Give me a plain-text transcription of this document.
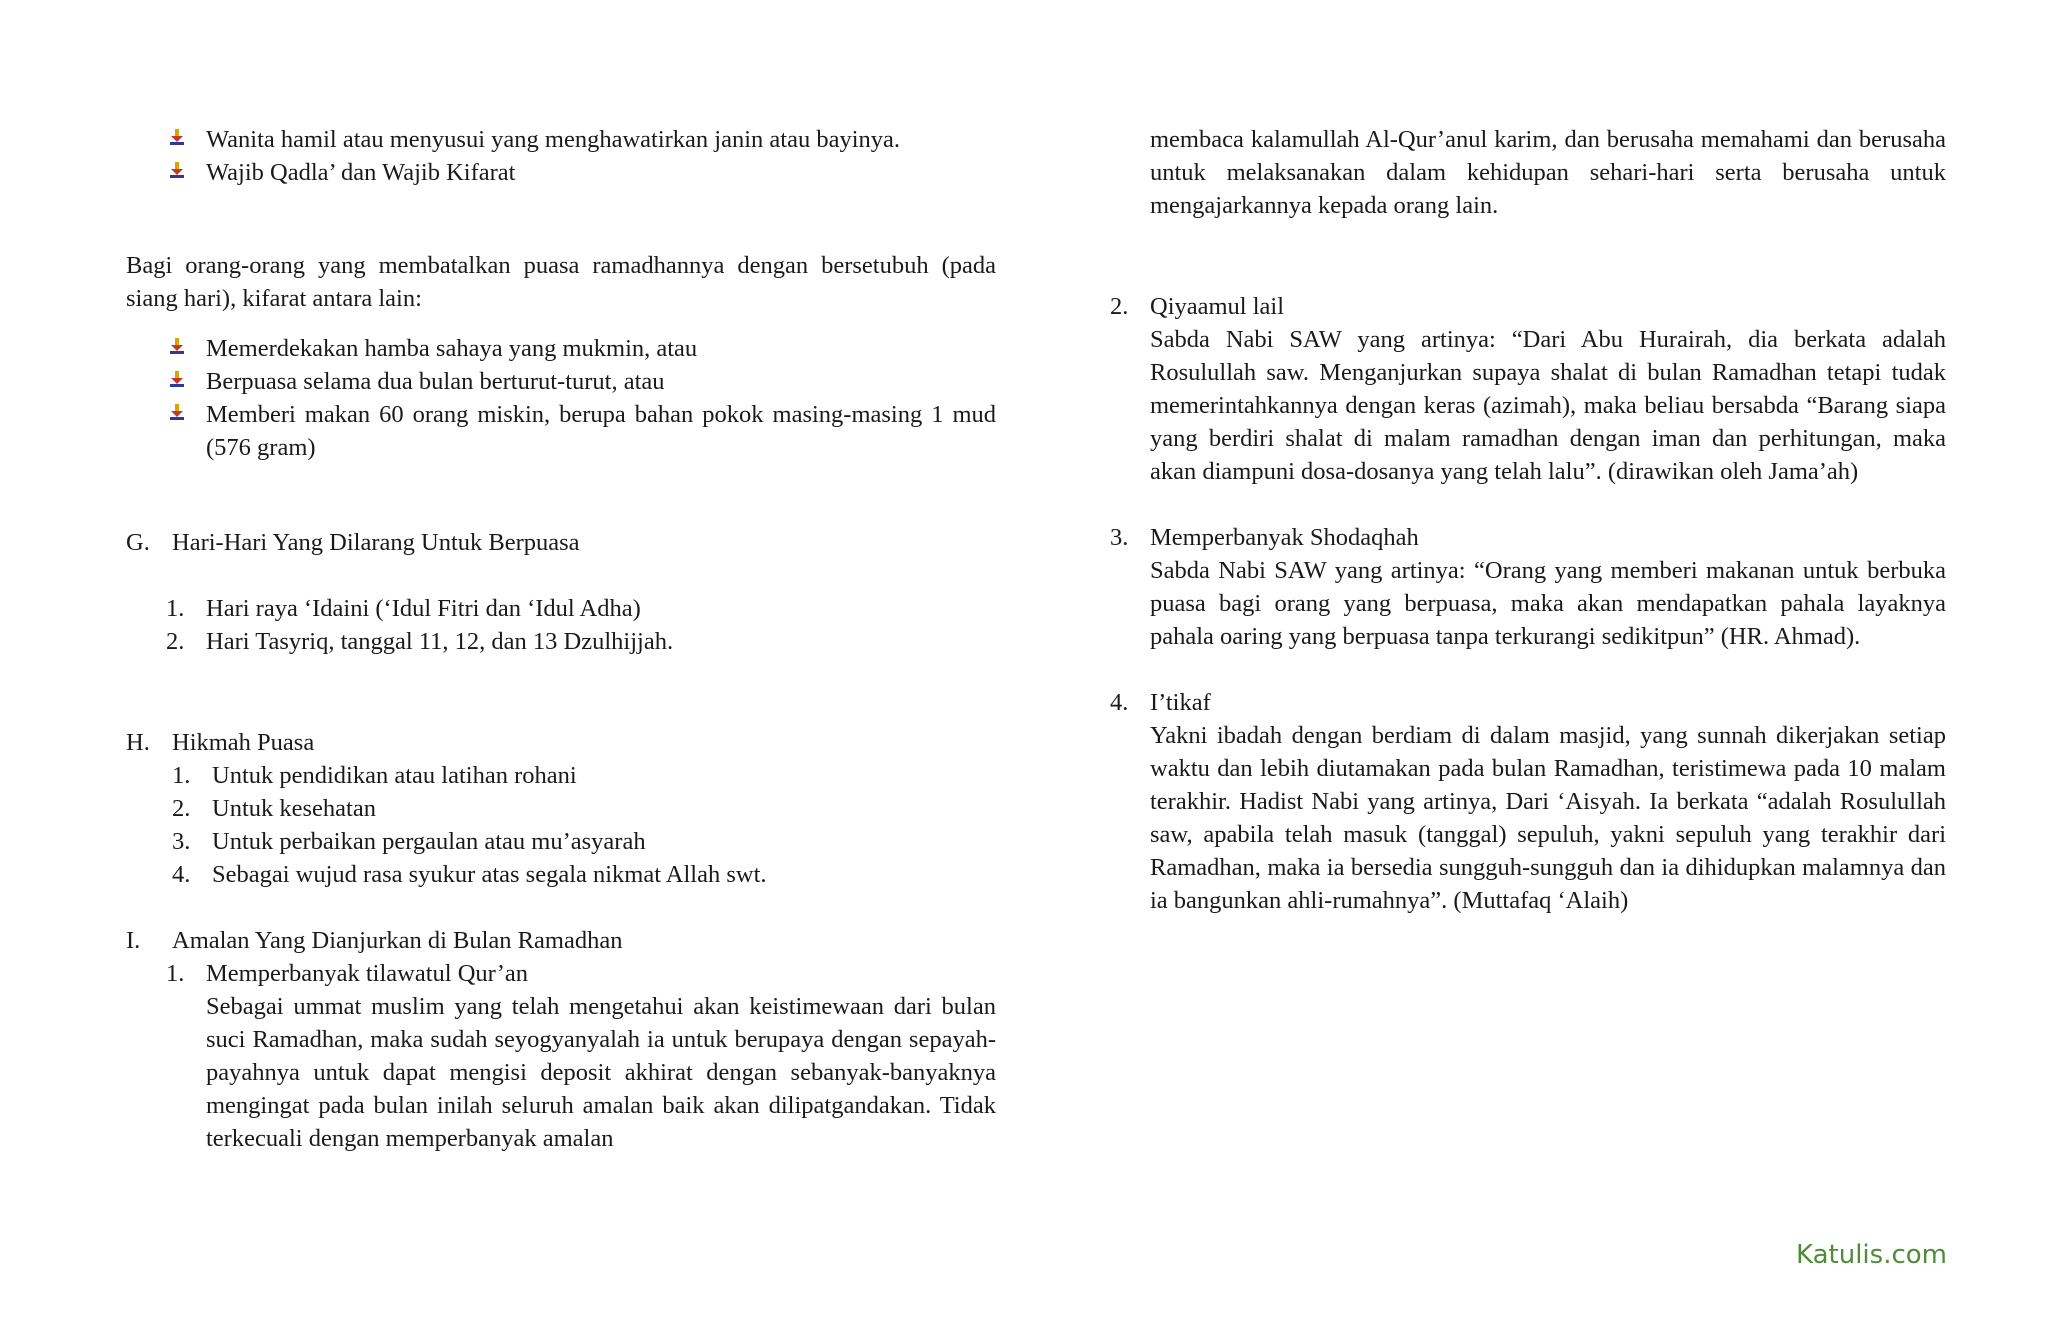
Wanita hamil atau menyusui yang menghawatirkan janin atau bayinya.
Wajib Qadla’ dan Wajib Kifarat
Bagi orang-orang yang membatalkan puasa ramadhannya dengan bersetubuh (pada siang hari), kifarat antara lain:
Memerdekakan hamba sahaya yang mukmin, atau
Berpuasa selama dua bulan berturut-turut, atau
Memberi makan 60 orang miskin, berupa bahan pokok masing-masing 1 mud (576 gram)
G. Hari-Hari Yang Dilarang Untuk Berpuasa
1. Hari raya ‘Idaini (‘Idul Fitri dan ‘Idul Adha)
2. Hari Tasyriq, tanggal 11, 12, dan 13 Dzulhijjah.
H. Hikmah Puasa
1. Untuk pendidikan atau latihan rohani
2. Untuk kesehatan
3. Untuk perbaikan pergaulan atau mu’asyarah
4. Sebagai wujud rasa syukur atas segala nikmat Allah swt.
I.	Amalan Yang Dianjurkan di Bulan Ramadhan
1. Memperbanyak tilawatul Qur’an
Sebagai ummat muslim yang telah mengetahui akan keistimewaan dari bulan suci Ramadhan, maka sudah seyogyanyalah ia untuk berupaya dengan sepayah-payahnya untuk dapat mengisi deposit akhirat dengan sebanyak-banyaknya mengingat pada bulan inilah seluruh amalan baik akan dilipatgandakan. Tidak terkecuali dengan memperbanyak amalan
membaca kalamullah Al-Qur’anul karim, dan berusaha memahami dan berusaha untuk melaksanakan dalam kehidupan sehari-hari serta berusaha untuk mengajarkannya kepada orang lain.
2. Qiyaamul lail
Sabda Nabi SAW yang artinya: “Dari Abu Hurairah, dia berkata adalah Rosulullah saw. Menganjurkan supaya shalat di bulan Ramadhan tetapi tudak memerintahkannya dengan keras (azimah), maka beliau bersabda “Barang siapa yang berdiri shalat di malam ramadhan dengan iman dan perhitungan, maka akan diampuni dosa-dosanya yang telah lalu”. (dirawikan oleh Jama’ah)
3. Memperbanyak Shodaqhah
Sabda Nabi SAW yang artinya: “Orang yang memberi makanan untuk berbuka puasa bagi orang yang berpuasa, maka akan mendapatkan pahala layaknya pahala oaring yang berpuasa tanpa terkurangi sedikitpun” (HR. Ahmad).
4. I’tikaf
Yakni ibadah dengan berdiam di dalam masjid, yang sunnah dikerjakan setiap waktu dan lebih diutamakan pada bulan Ramadhan, teristimewa pada 10 malam terakhir. Hadist Nabi yang artinya, Dari ‘Aisyah. Ia berkata “adalah Rosulullah saw, apabila telah masuk (tanggal) sepuluh, yakni sepuluh yang terakhir dari Ramadhan, maka ia bersedia sungguh-sungguh dan ia dihidupkan malamnya dan ia bangunkan ahli-rumahnya”. (Muttafaq ‘Alaih)
Katulis.com
